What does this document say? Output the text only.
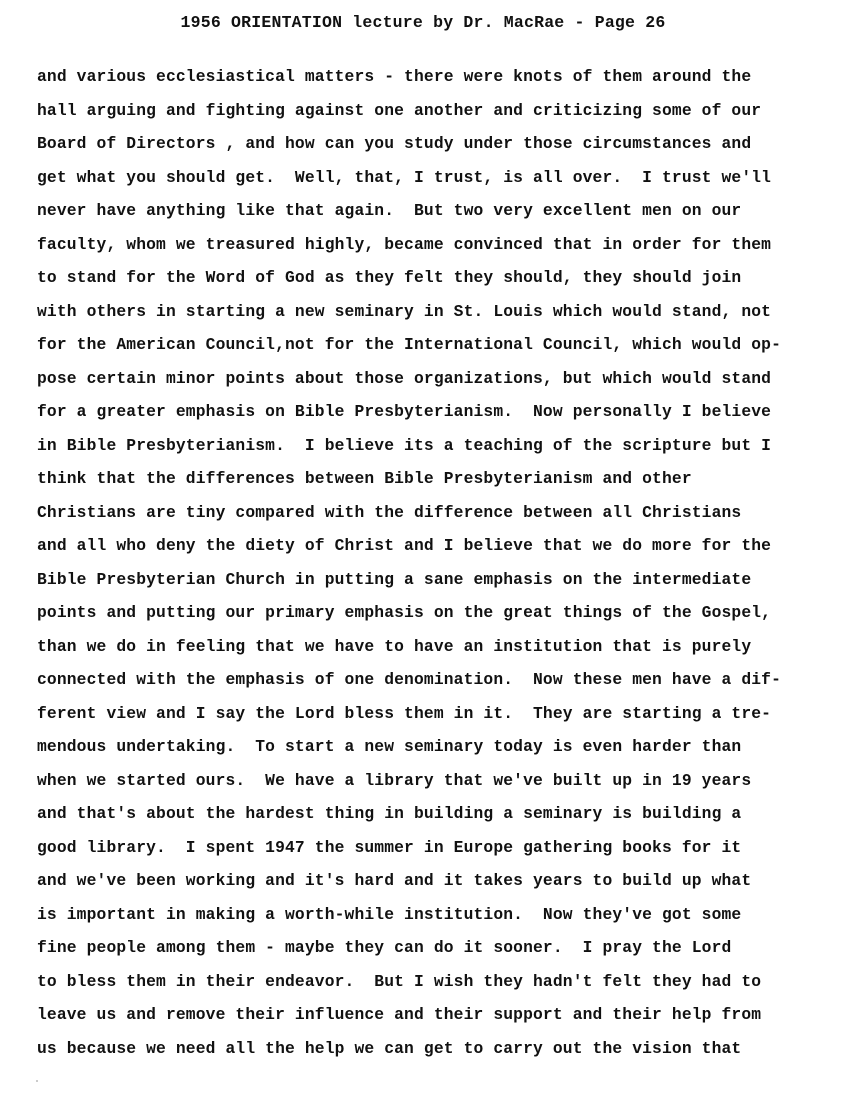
1956 ORIENTATION lecture by Dr. MacRae - Page 26
and various ecclesiastical matters - there were knots of them around the
hall arguing and fighting against one another and criticizing some of our
Board of Directors , and how can you study under those circumstances and
get what you should get.  Well, that, I trust, is all over.  I trust we'll
never have anything like that again.  But two very excellent men on our
faculty, whom we treasured highly, became convinced that in order for them
to stand for the Word of God as they felt they should, they should join
with others in starting a new seminary in St. Louis which would stand, not
for the American Council,not for the International Council, which would op-
pose certain minor points about those organizations, but which would stand
for a greater emphasis on Bible Presbyterianism.  Now personally I believe
in Bible Presbyterianism.  I believe its a teaching of the scripture but I
think that the differences between Bible Presbyterianism and other
Christians are tiny compared with the difference between all Christians
and all who deny the diety of Christ and I believe that we do more for the
Bible Presbyterian Church in putting a sane emphasis on the intermediate
points and putting our primary emphasis on the great things of the Gospel,
than we do in feeling that we have to have an institution that is purely
connected with the emphasis of one denomination.  Now these men have a dif-
ferent view and I say the Lord bless them in it.  They are starting a tre-
mendous undertaking.  To start a new seminary today is even harder than
when we started ours.  We have a library that we've built up in 19 years
and that's about the hardest thing in building a seminary is building a
good library.  I spent 1947 the summer in Europe gathering books for it
and we've been working and it's hard and it takes years to build up what
is important in making a worth-while institution.  Now they've got some
fine people among them - maybe they can do it sooner.  I pray the Lord
to bless them in their endeavor.  But I wish they hadn't felt they had to
leave us and remove their influence and their support and their help from
us because we need all the help we can get to carry out the vision that
